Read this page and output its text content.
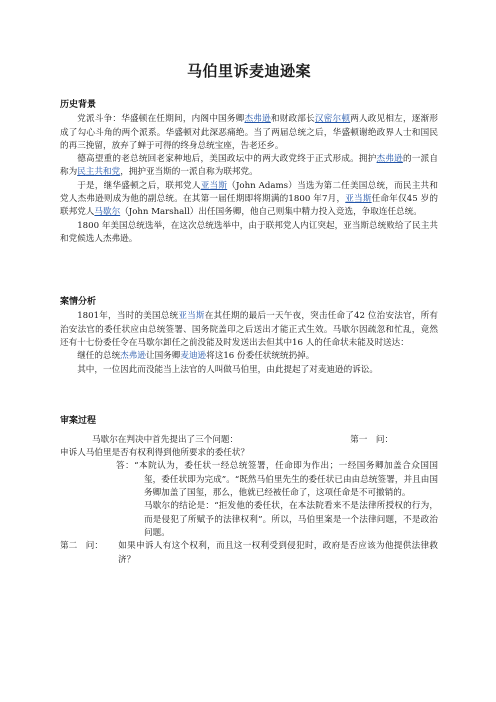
马伯里诉麦迪逊案
历史背景

党派斗争：华盛顿在任期间，内阁中国务卿杰弗逊和财政部长汉密尔顿两人政见相左，逐渐形成了勾心斗角的两个派系。华盛顿对此深恶痛绝。当了两届总统之后，华盛顿谢绝政界人士和国民的再三挽留，放弃了蝉于可得的终身总统宝座，告老还乡。

德高望重的老总统回老家种地后，美国政坛中的两大政党终于正式形成。拥护杰弗逊的一派自称为民主共和党，拥护亚当斯的一派自称为联邦党。

于是，继华盛顿之后，联邦党人亚当斯（John Adams）当选为第二任美国总统，而民主共和党人杰弗逊则成为他的副总统。在其第一届任期即将期满的1800 年7月，亚当斯任命年仅45 岁的联邦党人马歇尔（John Marshall）出任国务卿，他自己则集中精力投入竞选，争取连任总统。

1800 年美国总统选举，在这次总统选举中，由于联邦党人内讧突起，亚当斯总统败给了民主共和党候选人杰弗逊。

案情分析

1801年，当时的美国总统亚当斯在其任期的最后一天午夜，突击任命了42 位治安法官，所有治安法官的委任状应由总统签署、国务院盖印之后送出才能正式生效。马歇尔因疏忽和忙乱，竟然还有十七份委任令在马歇尔卸任之前没能及时发送出去但其中16 人的任命状未能及时送达：

继任的总统杰弗逊让国务卿麦迪逊将这16 份委任状统统扔掉。

其中，一位因此而没能当上法官的人叫做马伯里，由此提起了对麦迪逊的诉讼。

审案过程

马歇尔在判决中首先提出了三个问题：	第一　问：

申诉人马伯里是否有权利得到他所要求的委任状？

答：“本院认为，委任状一经总统签署，任命即为作出；一经国务卿加盖合众国国玺，委任状即为完成”。“既然马伯里先生的委任状已由由总统签署，并且由国务卿加盖了国玺，那么，他就已经被任命了，这项任命是不可撤销的。

马歇尔的结论是：“拒发他的委任状，在本法院看来不是法律所授权的行为，而是侵犯了所赋予的法律权利”。所以，马伯里案是一个法律问题，不是政治问题。

第二　问： 如果申诉人有这个权利，而且这一权利受到侵犯时，政府是否应该为他提供法律救济？
